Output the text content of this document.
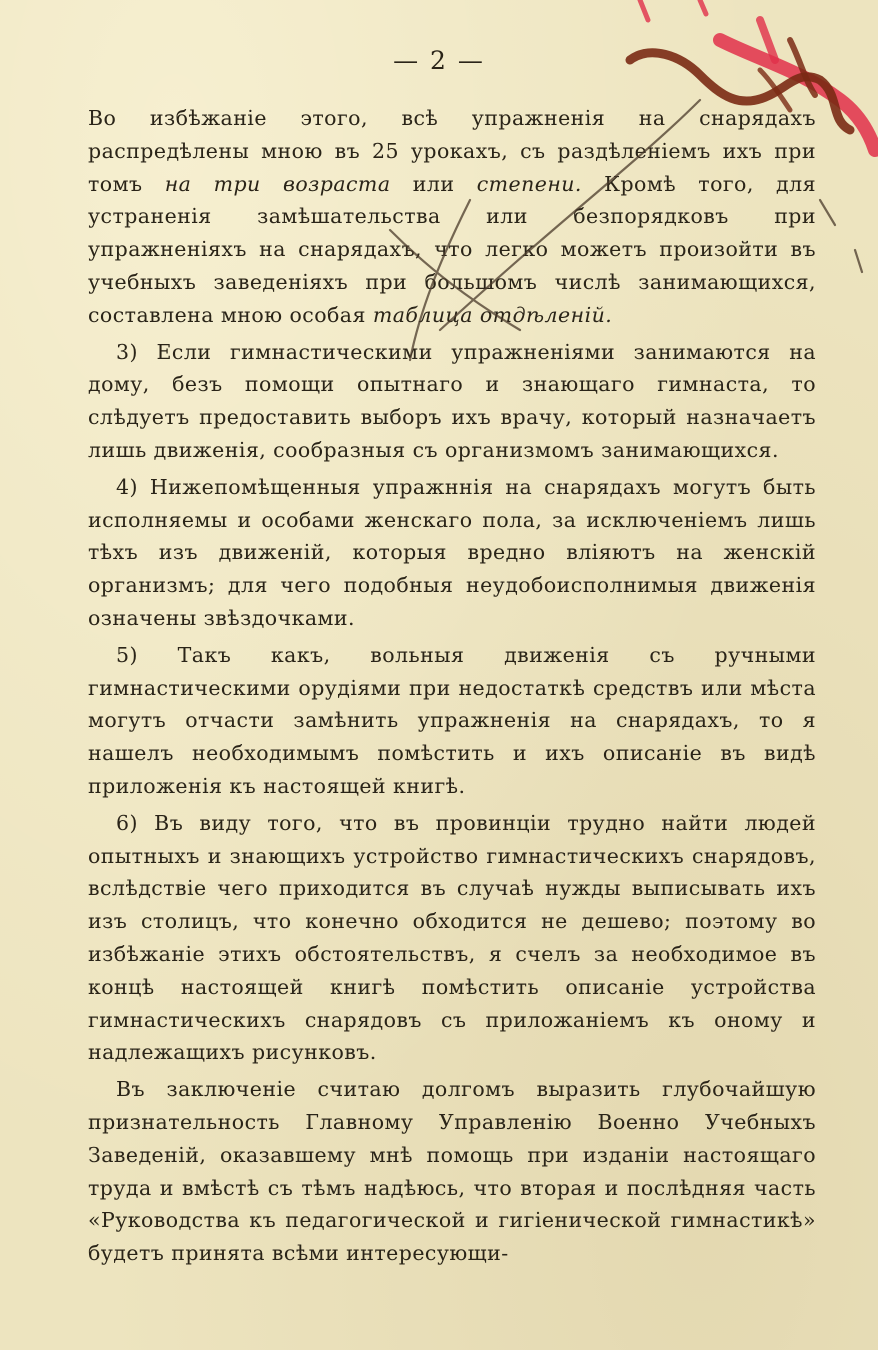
— 2 —

Во избѣжаніе этого, всѣ упражненія на снарядахъ распредѣлены мною въ 25 урокахъ, съ раздѣленіемъ ихъ при томъ на три возраста или степени. Кромѣ того, для устраненія замѣшательства или безпорядковъ при упражненіяхъ на снарядахъ, что легко можетъ произойти въ учебныхъ заведеніяхъ при большомъ числѣ занимающихся, составлена мною особая таблица отдѣленій.

3) Если гимнастическими упражненіями занимаются на дому, безъ помощи опытнаго и знающаго гимнаста, то слѣдуетъ предоставить выборъ ихъ врачу, который назначаетъ лишь движенія, сообразныя съ организмомъ занимающихся.

4) Нижепомѣщенныя упражннія на снарядахъ могутъ быть исполняемы и особами женскаго пола, за исключеніемъ лишь тѣхъ изъ движеній, которыя вредно вліяютъ на женскій организмъ; для чего подобныя неудобоисполнимыя движенія означены звѣздочками.

5) Такъ какъ, вольныя движенія съ ручными гимнастическими орудіями при недостаткѣ средствъ или мѣста могутъ отчасти замѣнить упражненія на снарядахъ, то я нашелъ необходимымъ помѣстить и ихъ описаніе въ видѣ приложенія къ настоящей книгѣ.

6) Въ виду того, что въ провинціи трудно найти людей опытныхъ и знающихъ устройство гимнастическихъ снарядовъ, вслѣдствіе чего приходится въ случаѣ нужды выписывать ихъ изъ столицъ, что конечно обходится не дешево; поэтому во избѣжаніе этихъ обстоятельствъ, я счелъ за необходимое въ концѣ настоящей книгѣ помѣстить описаніе устройства гимнастическихъ снарядовъ съ приложаніемъ къ оному и надлежащихъ рисунковъ.

Въ заключеніе считаю долгомъ выразить глубочайшую признательность Главному Управленію Военно Учебныхъ Заведеній, оказавшему мнѣ помощь при изданіи настоящаго труда и вмѣстѣ съ тѣмъ надѣюсь, что вторая и послѣдняя часть «Руководства къ педагогической и гигіенической гимнастикѣ» будетъ принята всѣми интересующи-
